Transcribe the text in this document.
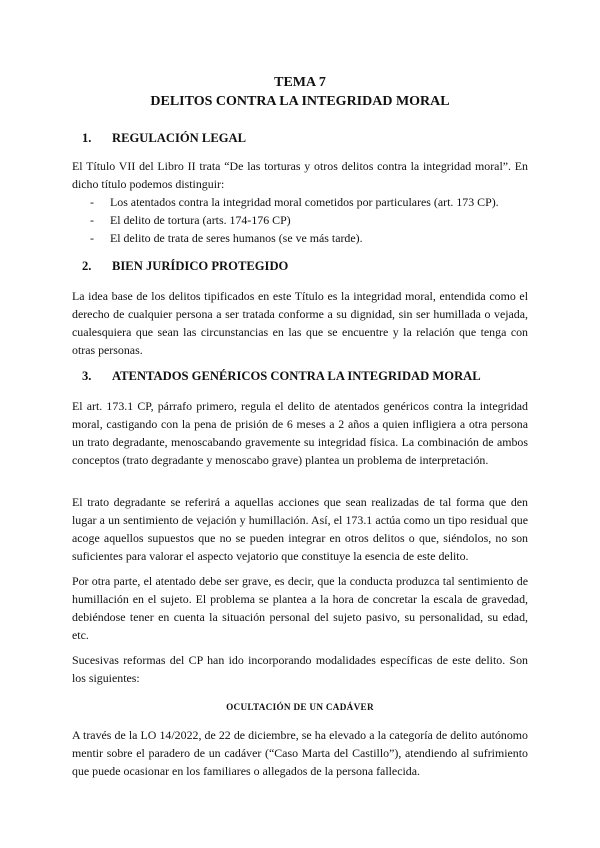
TEMA 7

DELITOS CONTRA LA INTEGRIDAD MORAL

1.	REGULACIÓN LEGAL

El Título VII del Libro II trata “De las torturas y otros delitos contra la integridad moral”. En dicho título podemos distinguir:

-	Los atentados contra la integridad moral cometidos por particulares (art. 173 CP).
-	El delito de tortura (arts. 174-176 CP)
-	El delito de trata de seres humanos (se ve más tarde).
2.	BIEN JURÍDICO PROTEGIDO

La idea base de los delitos tipificados en este Título es la integridad moral, entendida como el derecho de cualquier persona a ser tratada conforme a su dignidad, sin ser humillada o vejada, cualesquiera que sean las circunstancias en las que se encuentre y la relación que tenga con otras personas.

3.	ATENTADOS GENÉRICOS CONTRA LA INTEGRIDAD MORAL

El art. 173.1 CP, párrafo primero, regula el delito de atentados genéricos contra la integridad moral, castigando con la pena de prisión de 6 meses a 2 años a quien infligiera a otra persona un trato degradante, menoscabando gravemente su integridad física. La combinación de ambos conceptos (trato degradante y menoscabo grave) plantea un problema de interpretación.

El trato degradante se referirá a aquellas acciones que sean realizadas de tal forma que den lugar a un sentimiento de vejación y humillación. Así, el 173.1 actúa como un tipo residual que acoge aquellos supuestos que no se pueden integrar en otros delitos o que, siéndolos, no son suficientes para valorar el aspecto vejatorio que constituye la esencia de este delito.

Por otra parte, el atentado debe ser grave, es decir, que la conducta produzca tal sentimiento de humillación en el sujeto. El problema se plantea a la hora de concretar la escala de gravedad, debiéndose tener en cuenta la situación personal del sujeto pasivo, su personalidad, su edad, etc.

Sucesivas reformas del CP han ido incorporando modalidades específicas de este delito. Son los siguientes:

OCULTACIÓN DE UN CADÁVER

A través de la LO 14/2022, de 22 de diciembre, se ha elevado a la categoría de delito autónomo mentir sobre el paradero de un cadáver (“Caso Marta del Castillo”), atendiendo al sufrimiento que puede ocasionar en los familiares o allegados de la persona fallecida.
